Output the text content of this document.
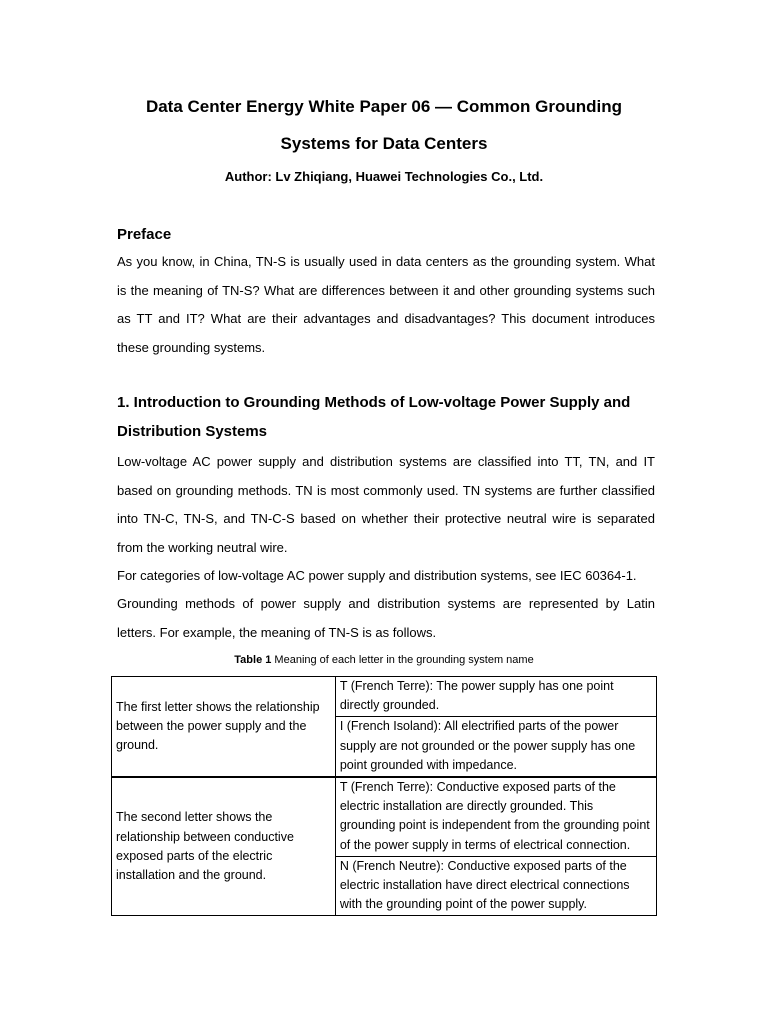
Data Center Energy White Paper 06 — Common Grounding
Systems for Data Centers
Author: Lv Zhiqiang, Huawei Technologies Co., Ltd.
Preface
As you know, in China, TN-S is usually used in data centers as the grounding system. What is the meaning of TN-S? What are differences between it and other grounding systems such as TT and IT? What are their advantages and disadvantages? This document introduces these grounding systems.
1. Introduction to Grounding Methods of Low-voltage Power Supply and Distribution Systems
Low-voltage AC power supply and distribution systems are classified into TT, TN, and IT based on grounding methods. TN is most commonly used. TN systems are further classified into TN-C, TN-S, and TN-C-S based on whether their protective neutral wire is separated from the working neutral wire.
For categories of low-voltage AC power supply and distribution systems, see IEC 60364-1.
Grounding methods of power supply and distribution systems are represented by Latin letters. For example, the meaning of TN-S is as follows.
Table 1 Meaning of each letter in the grounding system name
The first letter shows the relationship between the power supply and the ground.	T (French Terre): The power supply has one point directly grounded.
	I (French Isoland): All electrified parts of the power supply are not grounded or the power supply has one point grounded with impedance.
The second letter shows the relationship between conductive exposed parts of the electric installation and the ground.	T (French Terre): Conductive exposed parts of the electric installation are directly grounded. This grounding point is independent from the grounding point of the power supply in terms of electrical connection.
	N (French Neutre): Conductive exposed parts of the electric installation have direct electrical connections with the grounding point of the power supply.
